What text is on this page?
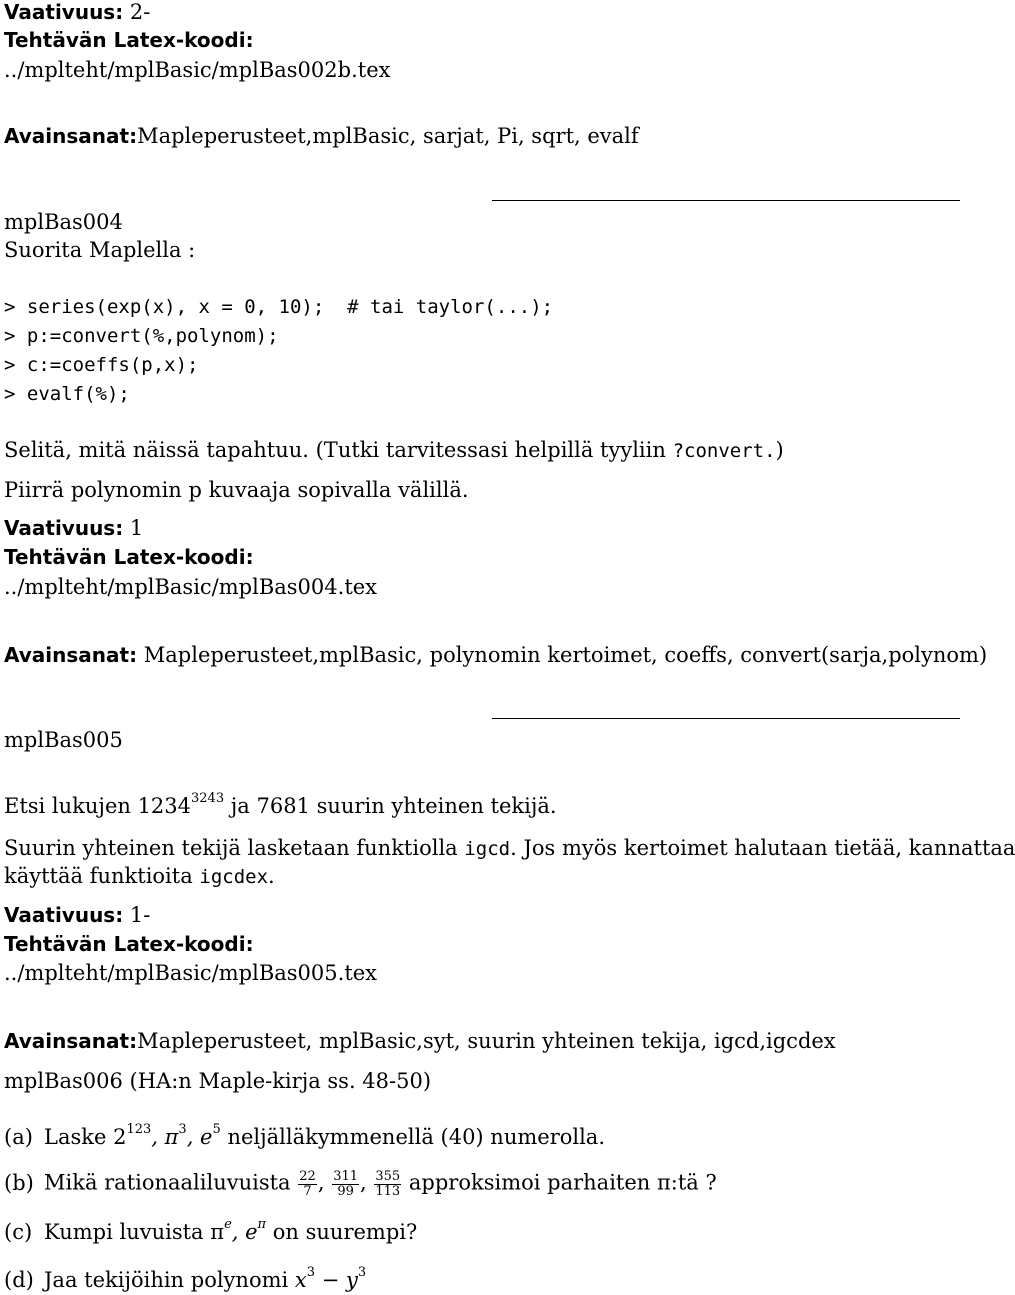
Vaativuus: 2-
Tehtävän Latex-koodi:
../mplteht/mplBasic/mplBas002b.tex
Avainsanat:Mapleperusteet,mplBasic, sarjat, Pi, sqrt, evalf
mplBas004
Suorita Maplella :
> series(exp(x), x = 0, 10);  # tai taylor(...);
> p:=convert(%,polynom);
> c:=coeffs(p,x);
> evalf(%);
Selitä, mitä näissä tapahtuu. (Tutki tarvitessasi helpillä tyyliin ?convert.)
Piirrä polynomin p kuvaaja sopivalla välillä.
Vaativuus: 1
Tehtävän Latex-koodi:
../mplteht/mplBasic/mplBas004.tex
Avainsanat: Mapleperusteet,mplBasic, polynomin kertoimet, coeffs, convert(sarja,polynom)
mplBas005
Etsi lukujen $1234^{3243}$ ja 7681 suurin yhteinen tekijä.
Suurin yhteinen tekijä lasketaan funktiolla igcd. Jos myös kertoimet halutaan tietää, kannattaa
käyttää funktioita igcdex.
Vaativuus: 1-
Tehtävän Latex-koodi:
../mplteht/mplBasic/mplBas005.tex
Avainsanat:Mapleperusteet, mplBasic,syt, suurin yhteinen tekija, igcd,igcdex
mplBas006 (HA:n Maple-kirja ss. 48-50)
(a) Laske $2^{123}$, $\pi^3$, $e^5$ neljälläkymmenellä (40) numerolla.
(b) Mikä rationaaliluvuista $\frac{22}{7}$ , $\frac{311}{99}$ , $\frac{355}{113}$ approksimoi parhaiten π:tä ?
(c) Kumpi luvuista $\pi^e$, $e^\pi$ on suurempi?
(d) Jaa tekijöihin polynomi $x^3 - y^3$
